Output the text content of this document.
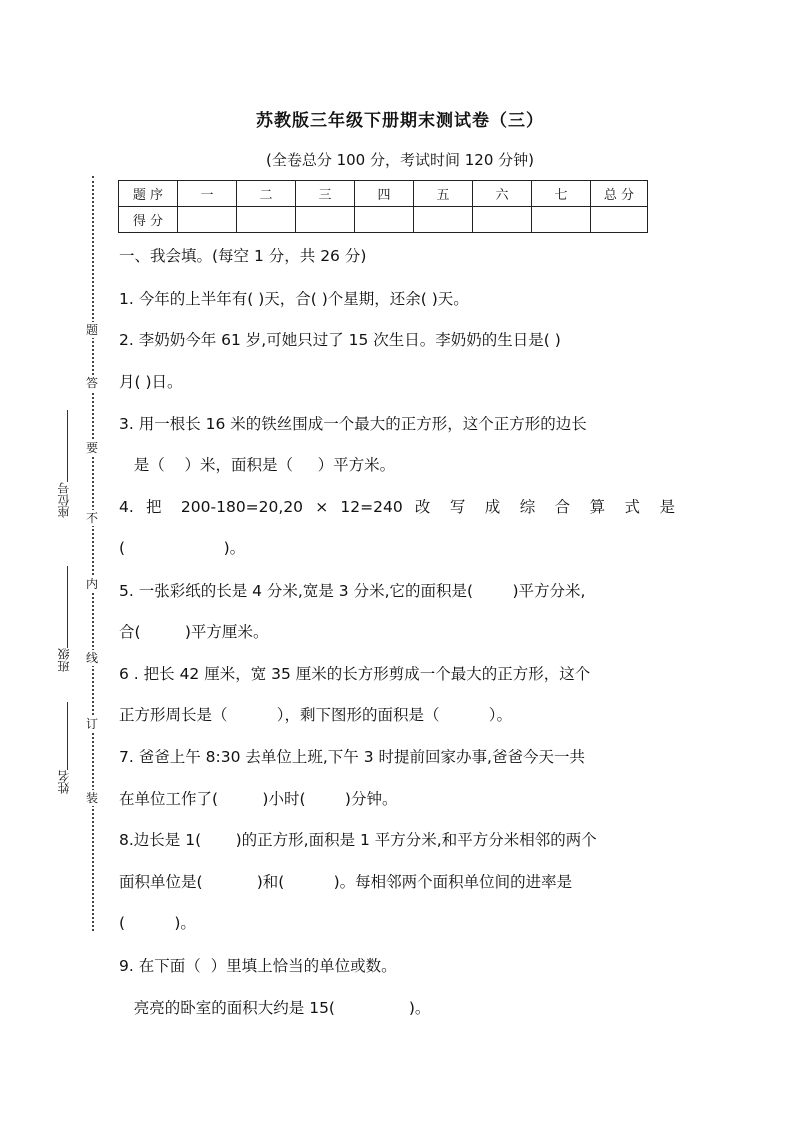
题
答
要
不
内
线
订
装
座位号
班级
姓名
苏教版三年级下册期末测试卷（三）
(全卷总分 100 分，考试时间 120 分钟)
题 序	一	二	三	四	五	六	七	总 分
得 分								
一、我会填。(每空 1 分，共 26 分)
1. 今年的上半年有( )天，合( )个星期，还余( )天。
2. 李奶奶今年 61 岁,可她只过了 15 次生日。李奶奶的生日是( )
月( )日。
3. 用一根长 16 米的铁丝围成一个最大的正方形，这个正方形的边长
是（    ）米，面积是（     ）平方米。
4. 把 200-180=20,20 × 12=240 改 写 成 综 合 算 式 是
(                    )。
5. 一张彩纸的长是 4 分米,宽是 3 分米,它的面积是(        )平方分米,
合(         )平方厘米。
6 . 把长 42 厘米，宽 35 厘米的长方形剪成一个最大的正方形，这个
正方形周长是（          ），剩下图形的面积是（          ）。
7. 爸爸上午 8:30 去单位上班,下午 3 时提前回家办事,爸爸今天一共
在单位工作了(         )小时(        )分钟。
8.边长是 1(       )的正方形,面积是 1 平方分米,和平方分米相邻的两个
面积单位是(           )和(          )。每相邻两个面积单位间的进率是
(          )。
9. 在下面（  ）里填上恰当的单位或数。
亮亮的卧室的面积大约是 15(               )。
